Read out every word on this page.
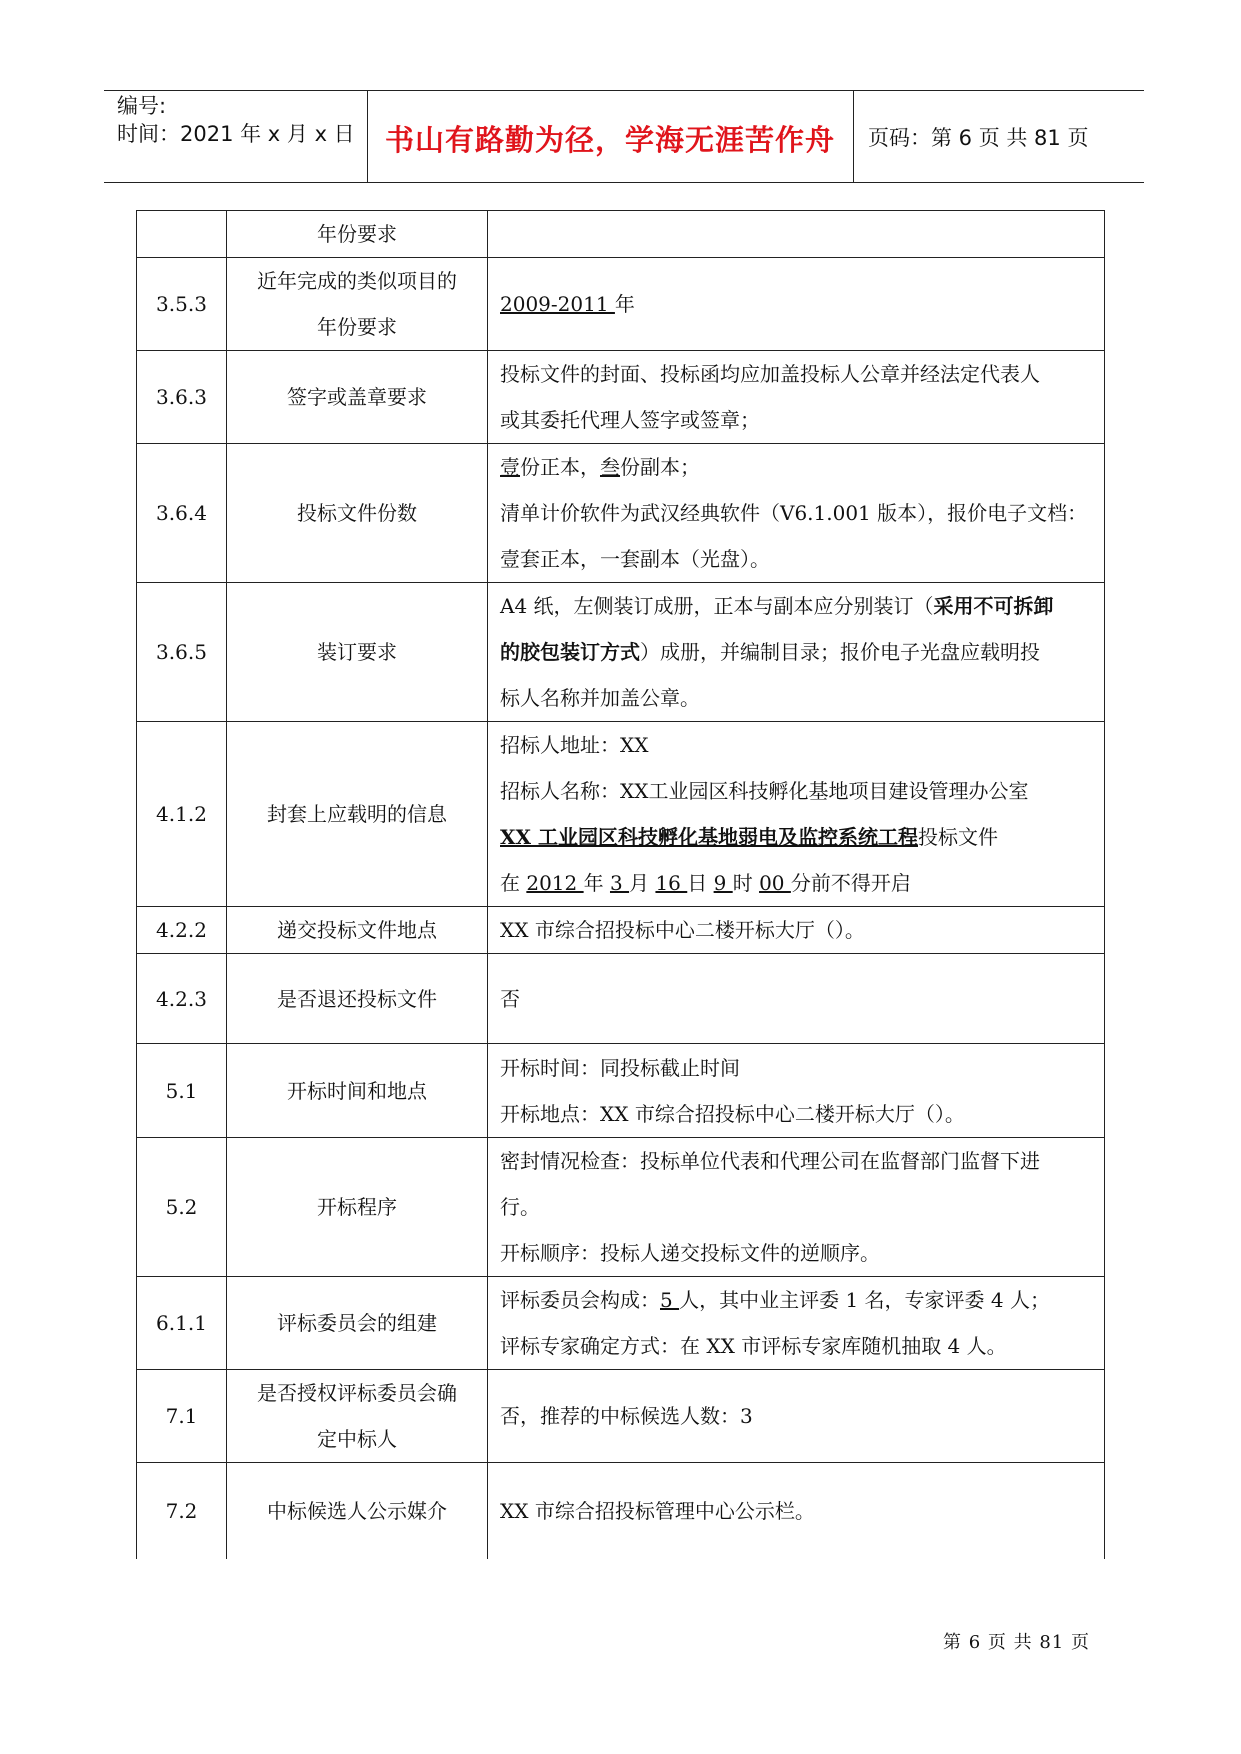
编号:
时间：2021 年 x 月 x 日	书山有路勤为径，学海无涯苦作舟	页码：第 6 页 共 81 页
	年份要求	
3.5.3	近年完成的类似项目的
年份要求	2009-2011 年
3.6.3	签字或盖章要求	投标文件的封面、投标函均应加盖投标人公章并经法定代表人
或其委托代理人签字或签章；

3.6.4	投标文件份数	壹份正本，叁份副本；
清单计价软件为武汉经典软件（V6.1.001 版本），报价电子文档：
壹套正本，一套副本（光盘）。

3.6.5	装订要求	A4 纸，左侧装订成册，正本与副本应分别装订（采用不可拆卸
的胶包装订方式）成册，并编制目录；报价电子光盘应载明投
标人名称并加盖公章。

4.1.2	封套上应载明的信息	招标人地址：XX
招标人名称：XX工业园区科技孵化基地项目建设管理办公室
XX 工业园区科技孵化基地弱电及监控系统工程投标文件
在 2012 年 3 月 16 日 9 时 00 分前不得开启

4.2.2	递交投标文件地点	XX 市综合招投标中心二楼开标大厅（）。
4.2.3	是否退还投标文件	否
5.1	开标时间和地点	开标时间：同投标截止时间
开标地点：XX 市综合招投标中心二楼开标大厅（）。

5.2	开标程序	密封情况检查：投标单位代表和代理公司在监督部门监督下进
行。
开标顺序：投标人递交投标文件的逆顺序。

6.1.1	评标委员会的组建	评标委员会构成：5 人，其中业主评委 1 名，专家评委 4 人；
评标专家确定方式：在 XX 市评标专家库随机抽取 4 人。

7.1	是否授权评标委员会确
定中标人	否，推荐的中标候选人数：3
7.2	中标候选人公示媒介	XX 市综合招投标管理中心公示栏。
第 6 页 共 81 页
